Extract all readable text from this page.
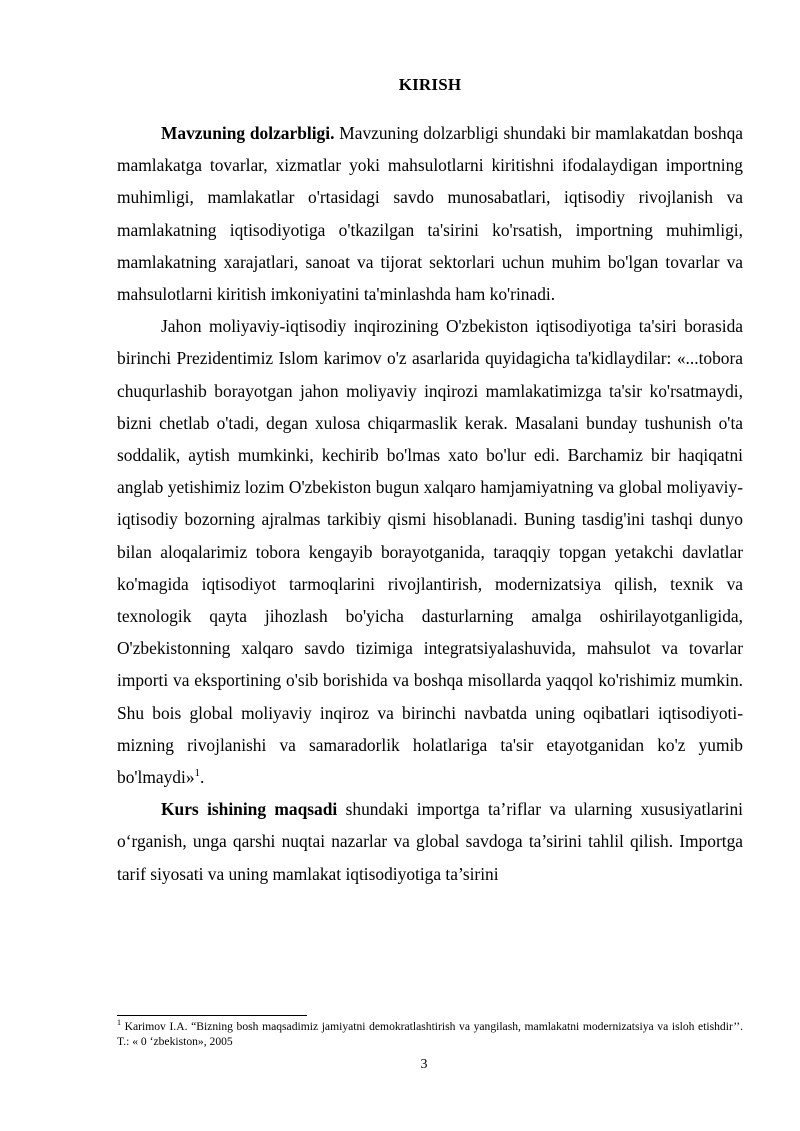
KIRISH

Mavzuning dolzarbligi. Mavzuning dolzarbligi shundaki bir mamlakatdan boshqa mamlakatga tovarlar, xizmatlar yoki mahsulotlarni kiritishni ifodalaydigan importning muhimligi, mamlakatlar o'rtasidagi savdo munosabatlari, iqtisodiy rivojlanish va mamlakatning iqtisodiyotiga o'tkazilgan ta'sirini ko'rsatish, importning muhimligi, mamlakatning xarajatlari, sanoat va tijorat sektorlari uchun muhim bo'lgan tovarlar va mahsulotlarni kiritish imkoniyatini ta'minlashda ham ko'rinadi.

Jahon moliyaviy-iqtisodiy inqirozining O'zbekiston iqtisodiyotiga ta'siri borasida birinchi Prezidentimiz Islom karimov o'z asarlarida quyidagicha ta'kidlaydilar: «...tobora chuqurlashib borayotgan jahon moliyaviy inqirozi mamlakatimizga ta'sir ko'rsatmaydi, bizni chetlab o'tadi, degan xulosa chiqarmaslik kerak. Masalani bunday tushunish o'ta soddalik, aytish mumkinki, kechirib bo'lmas xato bo'lur edi. Barchamiz bir haqiqatni anglab yetishimiz lozim O'zbekiston bugun xalqaro hamjamiyatning va global moliyaviy-iqtisodiy bozorning ajralmas tarkibiy qismi hisoblanadi. Buning tasdig'ini tashqi dunyo bilan aloqalarimiz tobora kengayib borayotganida, taraqqiy topgan yetakchi davlatlar ko'magida iqtisodiyot tarmoqlarini rivojlantirish, modernizatsiya qilish, texnik va texnologik qayta jihozlash bo'yicha dasturlarning amalga oshirilayotganligida, O'zbekistonning xalqaro savdo tizimiga integratsiyalashuvida, mahsulot va tovarlar importi va eksportining o'sib borishida va boshqa misollarda yaqqol ko'rishimiz mumkin. Shu bois global moliyaviy inqiroz va birinchi navbatda uning oqibatlari iqtisodiyoti- mizning rivojlanishi va samaradorlik holatlariga ta'sir etayotganidan ko'z yumib bo'lmaydi»$^1$.

Kurs ishining maqsadi shundaki importga ta’riflar va ularning xususiyatlarini o‘rganish, unga qarshi nuqtai nazarlar va global savdoga ta’sirini tahlil qilish. Importga tarif siyosati va uning mamlakat iqtisodiyotiga ta’sirini

$^1$ Karimov I.A. “Bizning bosh maqsadimiz jamiyatni demokratlashtirish va yangilash, mamlakatni modernizatsiya va isloh etishdir’’. T.: « 0 ‘zbekiston», 2005
3
